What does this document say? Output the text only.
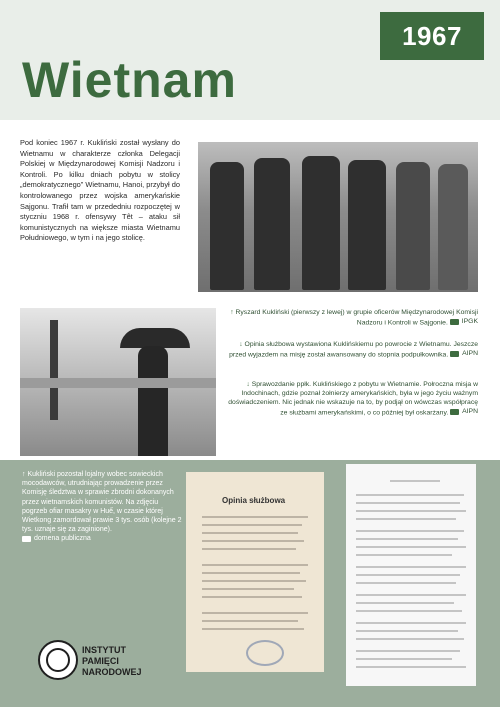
1967
Wietnam
Pod koniec 1967 r. Kukliński został wysłany do Wietnamu w charakterze członka Delegacji Polskiej w Międzynarodowej Komisji Nadzoru i Kontroli. Po kilku dniach pobytu w stolicy „demokratycznego” Wietnamu, Hanoi, przybył do kontrolowanego przez wojska amerykańskie Sajgonu. Trafił tam w przededniu rozpoczętej w styczniu 1968 r. ofensywy Têt – ataku sił komunistycznych na większe miasta Wietnamu Południowego, w tym i na jego stolicę.
↑ Ryszard Kukliński (pierwszy z lewej) w grupie oficerów Międzynarodowej Komisji Nadzoru i Kontroli w Sajgonie. IPGK
↓ Opinia służbowa wystawiona Kuklińskiemu po powrocie z Wietnamu. Jeszcze przed wyjazdem na misję został awansowany do stopnia podpułkownika. AIPN
↓ Sprawozdanie ppłk. Kuklińskiego z pobytu w Wietnamie. Połroczna misja w Indochinach, gdzie poznał żołnierzy amerykańskich, była w jego życiu ważnym doświadczeniem. Nic jednak nie wskazuje na to, by podjął on wówczas współpracę ze służbami amerykańskimi, o co później był oskarżany. AIPN
↑ Kukliński pozostał lojalny wobec sowieckich mocodawców, utrudniając prowadzenie przez Komisję śledztwa w sprawie zbrodni dokonanych przez wietnamskich komunistów. Na zdjęciu pogrzeb ofiar masakry w Huế, w czasie której Wietkong zamordował prawie 3 tys. osób (kolejne 2 tys. uznaje się za zaginione).
domena publiczna
Opinia służbowa
INSTYTUT
PAMIĘCI
NARODOWEJ
